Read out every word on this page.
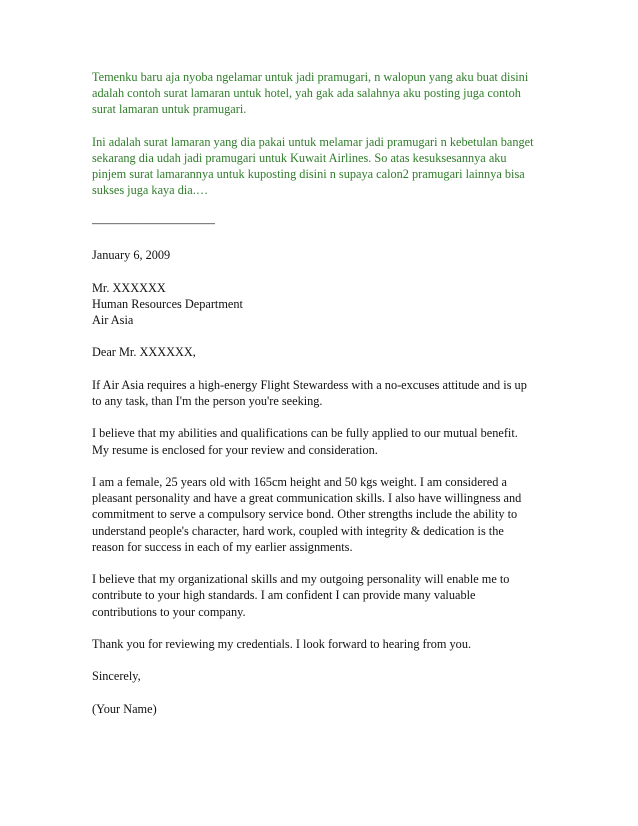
Temenku baru aja nyoba ngelamar untuk jadi pramugari, n walopun yang aku buat disini
adalah contoh surat lamaran untuk hotel, yah gak ada salahnya aku posting juga contoh
surat lamaran untuk pramugari.
Ini adalah surat lamaran yang dia pakai untuk melamar jadi pramugari n kebetulan banget
sekarang dia udah jadi pramugari untuk Kuwait Airlines. So atas kesuksesannya aku
pinjem surat lamarannya untuk kuposting disini n supaya calon2 pramugari lainnya bisa
sukses juga kaya dia.…
——————————
January 6, 2009
Mr. XXXXXX
Human Resources Department
Air Asia
Dear Mr. XXXXXX,
If Air Asia requires a high-energy Flight Stewardess with a no-excuses attitude and is up
to any task, than I'm the person you're seeking.
I believe that my abilities and qualifications can be fully applied to our mutual benefit.
My resume is enclosed for your review and consideration.
I am a female, 25 years old with 165cm height and 50 kgs weight. I am considered a
pleasant personality and have a great communication skills. I also have willingness and
commitment to serve a compulsory service bond. Other strengths include the ability to
understand people's character, hard work, coupled with integrity & dedication is the
reason for success in each of my earlier assignments.
I believe that my organizational skills and my outgoing personality will enable me to
contribute to your high standards. I am confident I can provide many valuable
contributions to your company.
Thank you for reviewing my credentials. I look forward to hearing from you.
Sincerely,
(Your Name)
